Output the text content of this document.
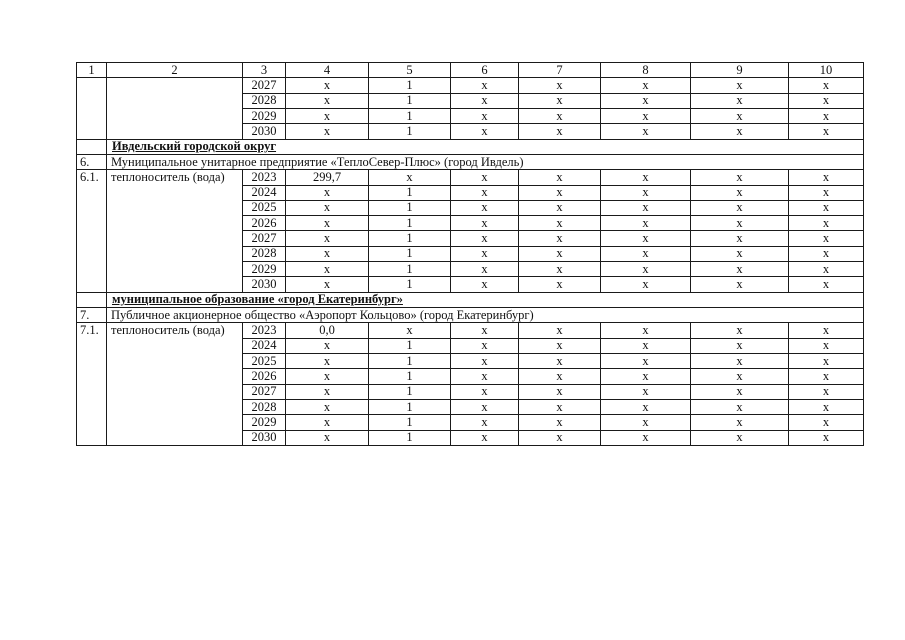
1	2	3	4	5	6	7	8	9	10
		2027	х	1	х	х	х	х	х
		2028	х	1	х	х	х	х	х
		2029	х	1	х	х	х	х	х
		2030	х	1	х	х	х	х	х
	Ивдельский городской округ								
6.	Муниципальное унитарное предприятие «ТеплоСевер-Плюс» (город Ивдель)								
6.1.	теплоноситель (вода)	2023	299,7	х	х	х	х	х	х
		2024	х	1	х	х	х	х	х
		2025	х	1	х	х	х	х	х
		2026	х	1	х	х	х	х	х
		2027	х	1	х	х	х	х	х
		2028	х	1	х	х	х	х	х
		2029	х	1	х	х	х	х	х
		2030	х	1	х	х	х	х	х
	муниципальное образование «город Екатеринбург»								
7.	Публичное акционерное общество «Аэропорт Кольцово» (город Екатеринбург)								
7.1.	теплоноситель (вода)	2023	0,0	х	х	х	х	х	х
		2024	х	1	х	х	х	х	х
		2025	х	1	х	х	х	х	х
		2026	х	1	х	х	х	х	х
		2027	х	1	х	х	х	х	х
		2028	х	1	х	х	х	х	х
		2029	х	1	х	х	х	х	х
		2030	х	1	х	х	х	х	х
